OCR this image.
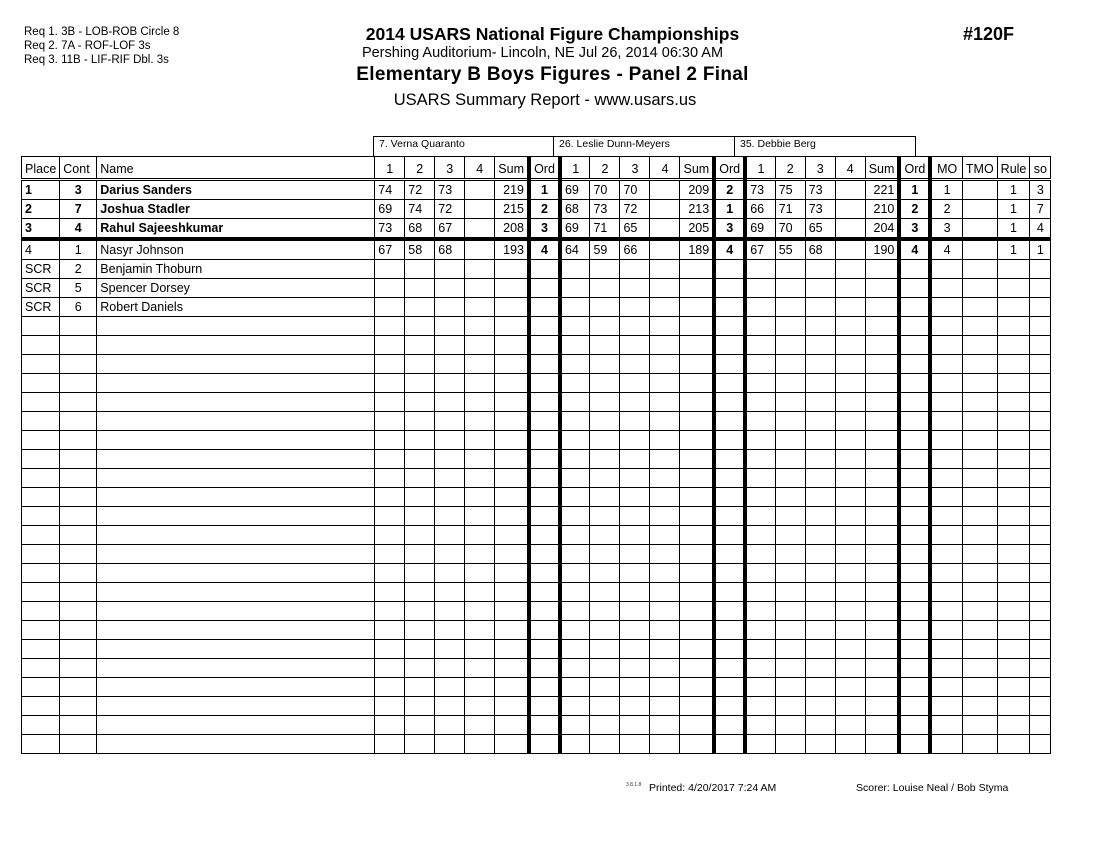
Req 1. 3B - LOB-ROB Circle 8
Req 2. 7A - ROF-LOF 3s
Req 3. 11B - LIF-RIF Dbl. 3s
2014 USARS National Figure Championships
Pershing Auditorium- Lincoln, NE Jul 26, 2014 06:30 AM
Elementary B Boys Figures - Panel 2 Final
USARS Summary Report - www.usars.us
#120F
7. Verna Quaranto	26. Leslie Dunn-Meyers	35. Debbie Berg
Place	Cont	Name	1	2	3	4	Sum	Ord	1	2	3	4	Sum	Ord	1	2	3	4	Sum	Ord	MO	TMO	Rule	so
1	3	Darius Sanders	74	72	73		219	1	69	70	70		209	2	73	75	73		221	1	1		1	3
2	7	Joshua Stadler	69	74	72		215	2	68	73	72		213	1	66	71	73		210	2	2		1	7
3	4	Rahul Sajeeshkumar	73	68	67		208	3	69	71	65		205	3	69	70	65		204	3	3		1	4
4	1	Nasyr Johnson	67	58	68		193	4	64	59	66		189	4	67	55	68		190	4	4		1	1
SCR	2	Benjamin Thoburn																						
SCR	5	Spencer Dorsey																						
SCR	6	Robert Daniels																						

3.8.1.8 Printed: 4/20/2017 7:24 AM	Scorer: Louise Neal / Bob Styma
